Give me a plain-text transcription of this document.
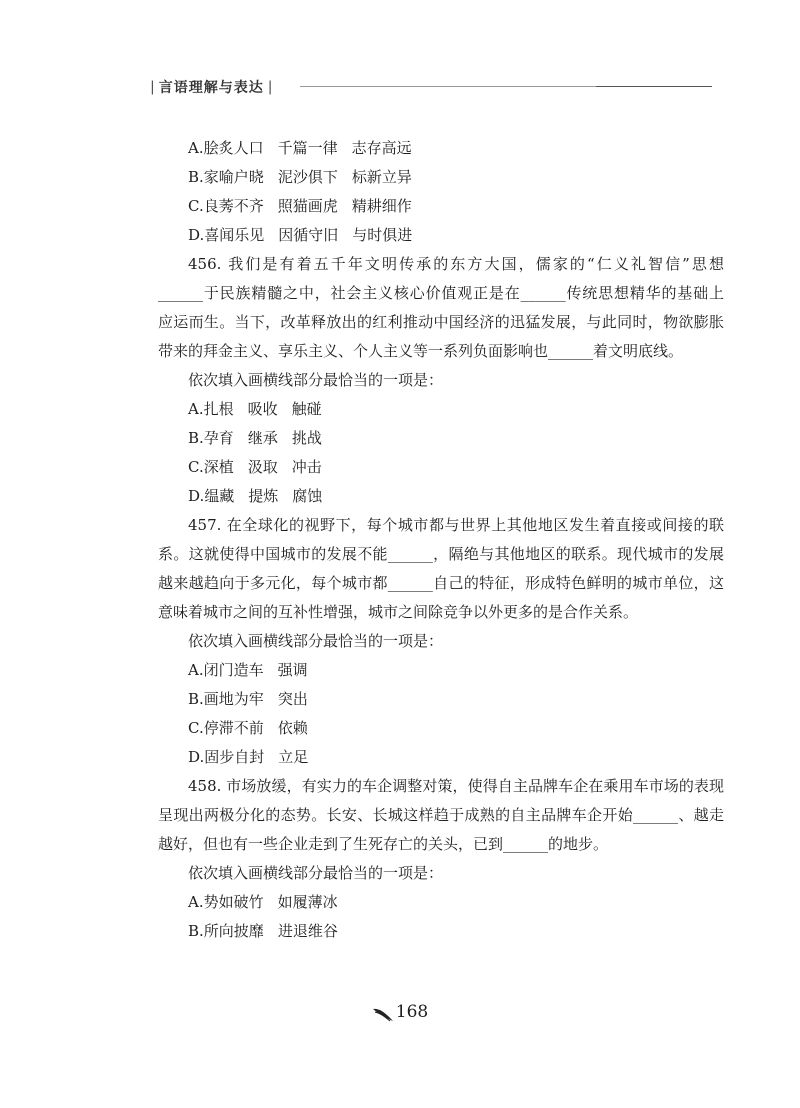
| 言语理解与表达 |
A.脍炙人口 千篇一律 志存高远
B.家喻户晓 泥沙俱下 标新立异
C.良莠不齐 照猫画虎 精耕细作
D.喜闻乐见 因循守旧 与时俱进

456. 我们是有着五千年文明传承的东方大国，儒家的“仁义礼智信”思想

______于民族精髓之中，社会主义核心价值观正是在______传统思想精华的基础上

应运而生。当下，改革释放出的红利推动中国经济的迅猛发展，与此同时，物欲膨胀

带来的拜金主义、享乐主义、个人主义等一系列负面影响也______着文明底线。

依次填入画横线部分最恰当的一项是：
A.扎根 吸收 触碰
B.孕育 继承 挑战
C.深植 汲取 冲击
D.缊藏 提炼 腐蚀

457. 在全球化的视野下，每个城市都与世界上其他地区发生着直接或间接的联

系。这就使得中国城市的发展不能______，隔绝与其他地区的联系。现代城市的发展

越来越趋向于多元化，每个城市都______自己的特征，形成特色鲜明的城市单位，这

意味着城市之间的互补性增强，城市之间除竞争以外更多的是合作关系。

依次填入画横线部分最恰当的一项是：
A.闭门造车 强调
B.画地为牢 突出
C.停滞不前 依赖
D.固步自封 立足

458. 市场放缓，有实力的车企调整对策，使得自主品牌车企在乘用车市场的表现

呈现出两极分化的态势。长安、长城这样趋于成熟的自主品牌车企开始______、越走

越好，但也有一些企业走到了生死存亡的关头，已到______的地步。

依次填入画横线部分最恰当的一项是：
A.势如破竹 如履薄冰
B.所向披靡 进退维谷
168
